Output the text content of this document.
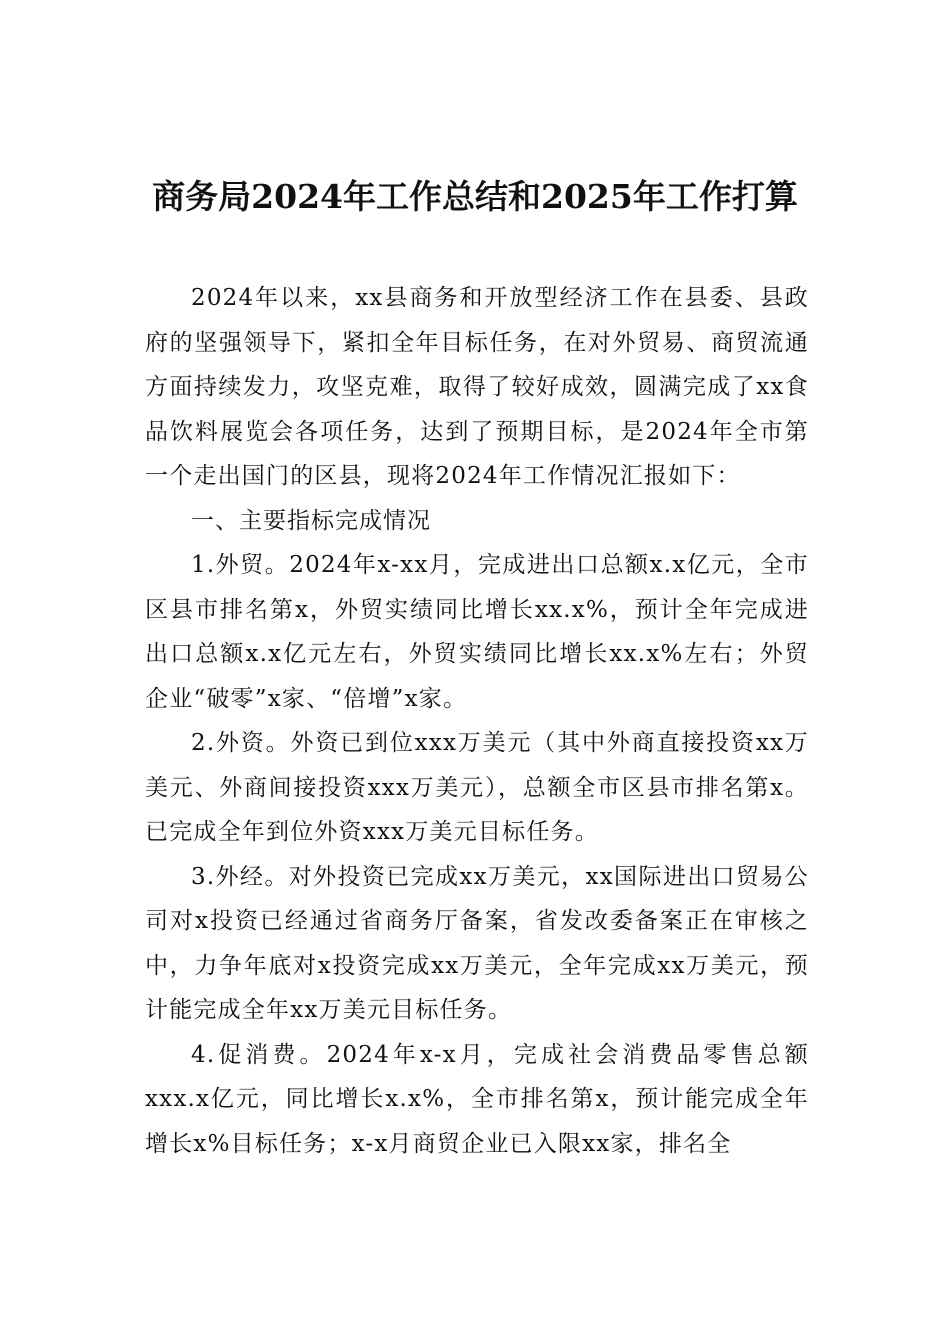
商务局2024年工作总结和2025年工作打算

2024年以来，xx县商务和开放型经济工作在县委、县政府的坚强领导下，紧扣全年目标任务，在对外贸易、商贸流通方面持续发力，攻坚克难，取得了较好成效，圆满完成了xx食品饮料展览会各项任务，达到了预期目标，是2024年全市第一个走出国门的区县，现将2024年工作情况汇报如下：

一、主要指标完成情况

1.外贸。2024年x-xx月，完成进出口总额x.x亿元，全市区县市排名第x，外贸实绩同比增长xx.x%，预计全年完成进出口总额x.x亿元左右，外贸实绩同比增长xx.x%左右；外贸企业“破零”x家、“倍增”x家。

2.外资。外资已到位xxx万美元（其中外商直接投资xx万美元、外商间接投资xxx万美元），总额全市区县市排名第x。已完成全年到位外资xxx万美元目标任务。

3.外经。对外投资已完成xx万美元，xx国际进出口贸易公司对x投资已经通过省商务厅备案，省发改委备案正在审核之中，力争年底对x投资完成xx万美元，全年完成xx万美元，预计能完成全年xx万美元目标任务。

4.促消费。2024年x-x月，完成社会消费品零售总额xxx.x亿元，同比增长x.x%，全市排名第x，预计能完成全年增长x%目标任务；x-x月商贸企业已入限xx家，排名全
